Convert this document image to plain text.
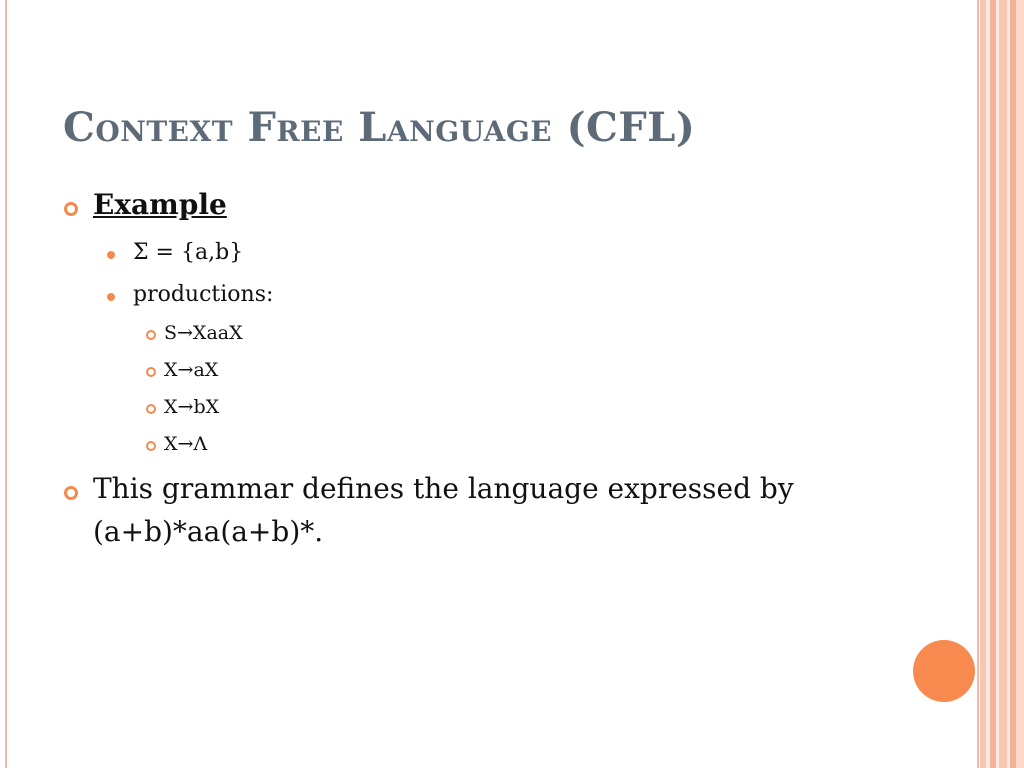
Context Free Language (CFL)
Example
Σ = {a,b}
productions:
S→XaaX
X→aX
X→bX
X→Λ
This grammar defines the language expressed by
(a+b)*aa(a+b)*.
